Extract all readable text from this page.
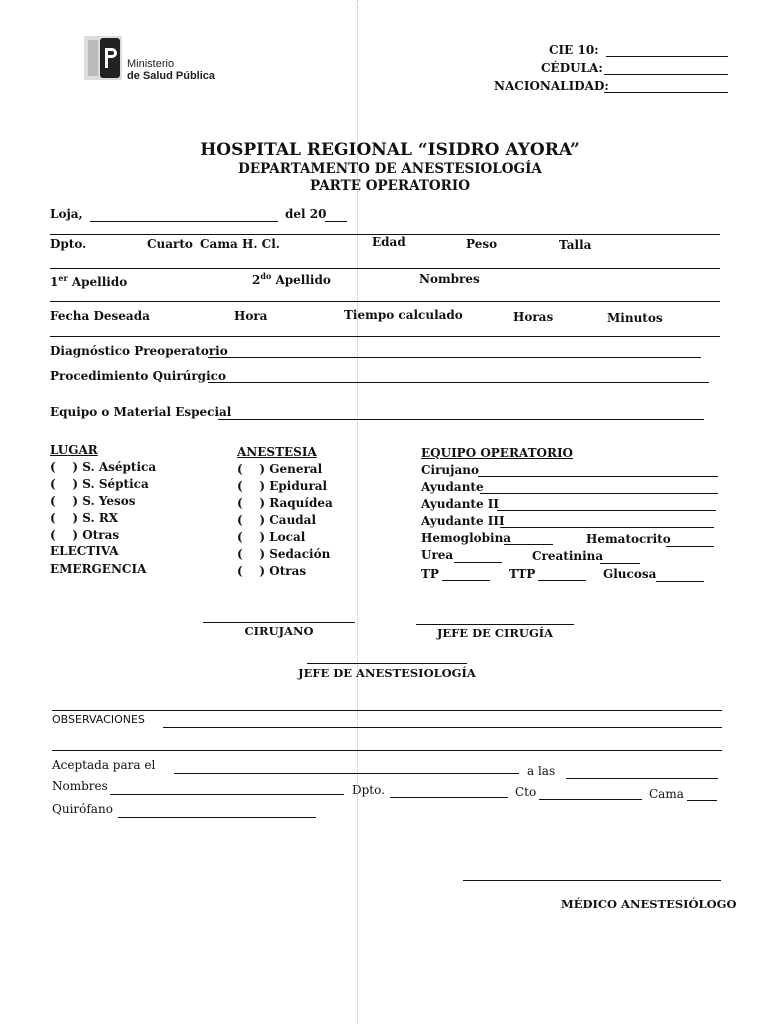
Ministerio
de Salud Pública
CIE 10:
CÉDULA:
NACIONALIDAD:
HOSPITAL REGIONAL “ISIDRO AYORA”
DEPARTAMENTO DE ANESTESIOLOGÍA
PARTE OPERATORIO
Loja,	del 20
Dpto.	Cuarto Cama H. Cl.	Edad	Peso	Talla
1er Apellido	$2^{do}$ Apellido	Nombres
Fecha Deseada	Hora	Tiempo calculado	Horas	Minutos
Diagnóstico Preoperatorio
Procedimiento Quirúrgico
Equipo o Material Especial
LUGAR
(    ) S. Aséptica
(    ) S. Séptica
(    ) S. Yesos
(    ) S. RX
(    ) Otras
ELECTIVA
EMERGENCIA
ANESTESIA
(    ) General
(    ) Epidural
(    ) Raquídea
(    ) Caudal
(    ) Local
(    ) Sedación
(    ) Otras
EQUIPO OPERATORIO
Cirujano
Ayudante
Ayudante II
Ayudante III
Hemoglobina	Hematocrito
Urea	Creatinina
TP	TTP	Glucosa
CIRUJANO	JEFE DE CIRUGÍA
JEFE DE ANESTESIOLOGÍA
OBSERVACIONES
Aceptada para el	a las
Nombres	Dpto.	Cto	Cama
Quirófano
MÉDICO ANESTESIÓLOGO
